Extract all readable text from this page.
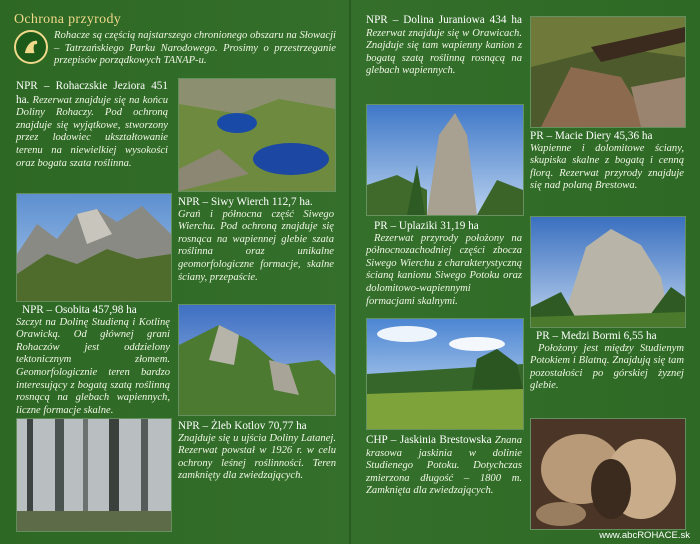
Ochrona przyrody
Rohacze są częścią najstarszego chronionego obszaru na Słowacji – Tatrzańskiego Parku Narodowego. Prosimy o przestrzeganie przepisów porządkowych TANAP-u.
NPR – Rohaczskie Jeziora 451 ha. Rezerwat znajduje się na końcu Doliny Rohaczy. Pod ochroną znajduje się wyjątkowe, stworzony przez lodowiec ukształtowanie terenu na niewielkiej wysokości oraz bogata szata roślinna.
NPR – Osobita 457,98 ha
Szczyt na Dolinę Studieną i Kotlinę Orawicką. Od głównej grani Rohaczów jest oddzielony tektonicznym złomem. Geomorfologicznie teren bardzo interesujący z bogatą szatą roślinną rosnącą na glebach wapiennych, liczne formacje skalne.
NPR – Siwy Wierch 112,7 ha.
Grań i północna część Siwego Wierchu. Pod ochroną znajduje się rosnąca na wapiennej glebie szata roślinna oraz unikalne geomorfologiczne formacje, skalne ściany, przepaście.
NPR – Żleb Kotlov 70,77 ha
Znajduje się u ujścia Doliny Latanej. Rezerwat powstał w 1926 r. w celu ochrony leśnej roślinności. Teren zamknięty dla zwiedzających.
NPR – Dolina Juraniowa 434 ha Rezerwat znajduje się w Orawicach. Znajduje się tam wapienny kanion z bogatą szatą roślinną rosnącą na glebach wapiennych.
PR – Uplaziki 31,19 ha
Rezerwat przyrody położony na północnozachodniej części zbocza Siwego Wierchu z charakterystyczną ścianą kanionu Siwego Potoku oraz dolomitowo-wapiennymi formacjami skalnymi.
CHP – Jaskinia Brestowska Znana krasowa jaskinia w dolinie Studienego Potoku. Dotychczas zmierzona długość – 1800 m. Zamknięta dla zwiedzających.
PR – Macie Diery 45,36 ha
Wapienne i dolomitowe ściany, skupiska skalne z bogatą i cenną florą. Rezerwat przyrody znajduje się nad polaną Brestowa.
PR – Medzi Bormi 6,55 ha
Położony jest między Studienym Potokiem i Blatną. Znajdują się tam pozostałości po górskiej żyznej glebie.
www.abcROHACE.sk
